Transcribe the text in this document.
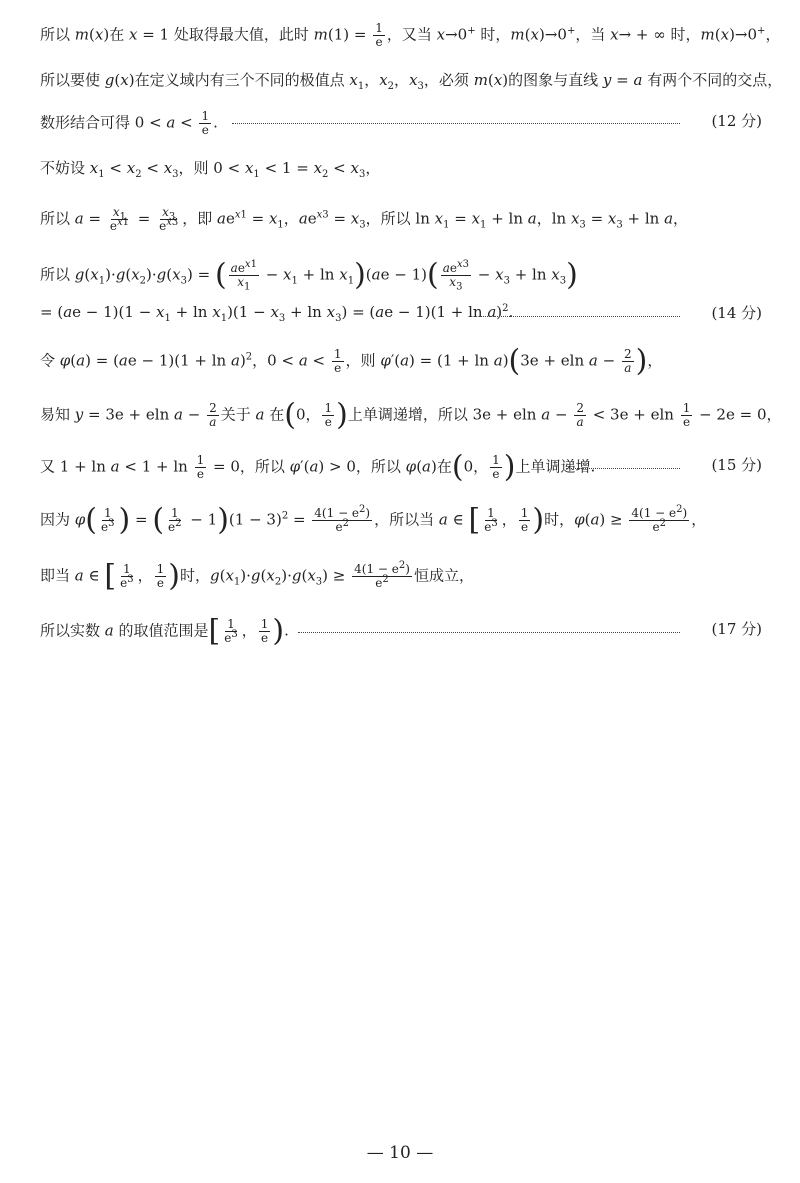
所以 m(x)在 x = 1 处取得最大值，此时 $m(1) = \frac{1}{e}$ ，又当 x→0+ 时，m(x)→0+，当 x→ + ∞ 时，m(x)→0+，
所以要使 g(x)在定义域内有三个不同的极值点 $x_1$，$x_2$，$x_3$，必须 m(x)的图象与直线 y = a 有两个不同的交点，
数形结合可得 $0 < a < \frac{1}{e}$ .	(12 分)
不妨设 $x_1 < x_2 < x_3$，则 $0 < x_1 < 1 = x_2 < x_3$，
所以 $a = \frac{x_1}{e^{x1}} = \frac{x_3}{e^{x3}}$ ，即 $ae^{x1} = x_1$，$ae^{x3} = x_3$，所以 $\ln x_1 = x_1 + \ln a$，$\ln x_3 = x_3 + \ln a$，
所以 $g(x_1)\cdot g(x_2)\cdot g(x_3)$ = ( $\frac{ae^{x1}}{x_1} - x_1 + \ln x_1)(ae - 1)( \frac{ae^{x3}}{x_3} - x_3 + \ln x_3)$
= $(ae - 1)(1 - x_1 + \ln x_1)(1 - x_3 + \ln x_3) = (ae - 1)(1 + \ln a)^2$.	(14 分)
令 $\varphi(a) = (ae - 1)(1 + \ln a)^2$，$0 < a < \frac{1}{e}$ ，则 φ′(a) = (1 + ln a)(3e + eln $a - \frac{2}{a}$ )，
易知 y = 3e + eln $a - \frac{2}{a}$ 关于 a 在(0， $\frac{1}{e}$ )上单调递增，所以 3e + eln $a - \frac{2}{a} < 3e + eln \frac{1}{e} - 2e = 0$，
又 $1 + \ln a < 1 + \ln \frac{1}{e} = 0$，所以 φ′(a) > 0，所以 φ(a)在(0， $\frac{1}{e}$ )上单调递增.	(15 分)
因为 $\varphi( \frac{1}{e^3}$ ) = ( $\frac{1}{e^2} - 1)(1 - 3)^2 = \frac{4(1 - e^2)}{e^2}$ ，所以当 a ∈ [ $\frac{1}{e^3}$ ， $\frac{1}{e}$ )时，$\varphi(a) \ge \frac{4(1 - e^2)}{e^2}$ ，
即当 a ∈ [ $\frac{1}{e^3}$ ， $\frac{1}{e}$ )时，$g(x_1)\cdot g(x_2)\cdot g(x_3) \ge \frac{4(1 - e^2)}{e^2}$ 恒成立，
所以实数 a 的取值范围是[ $\frac{1}{e^3}$ ， $\frac{1}{e}$ ).	(17 分)
— 10 —
